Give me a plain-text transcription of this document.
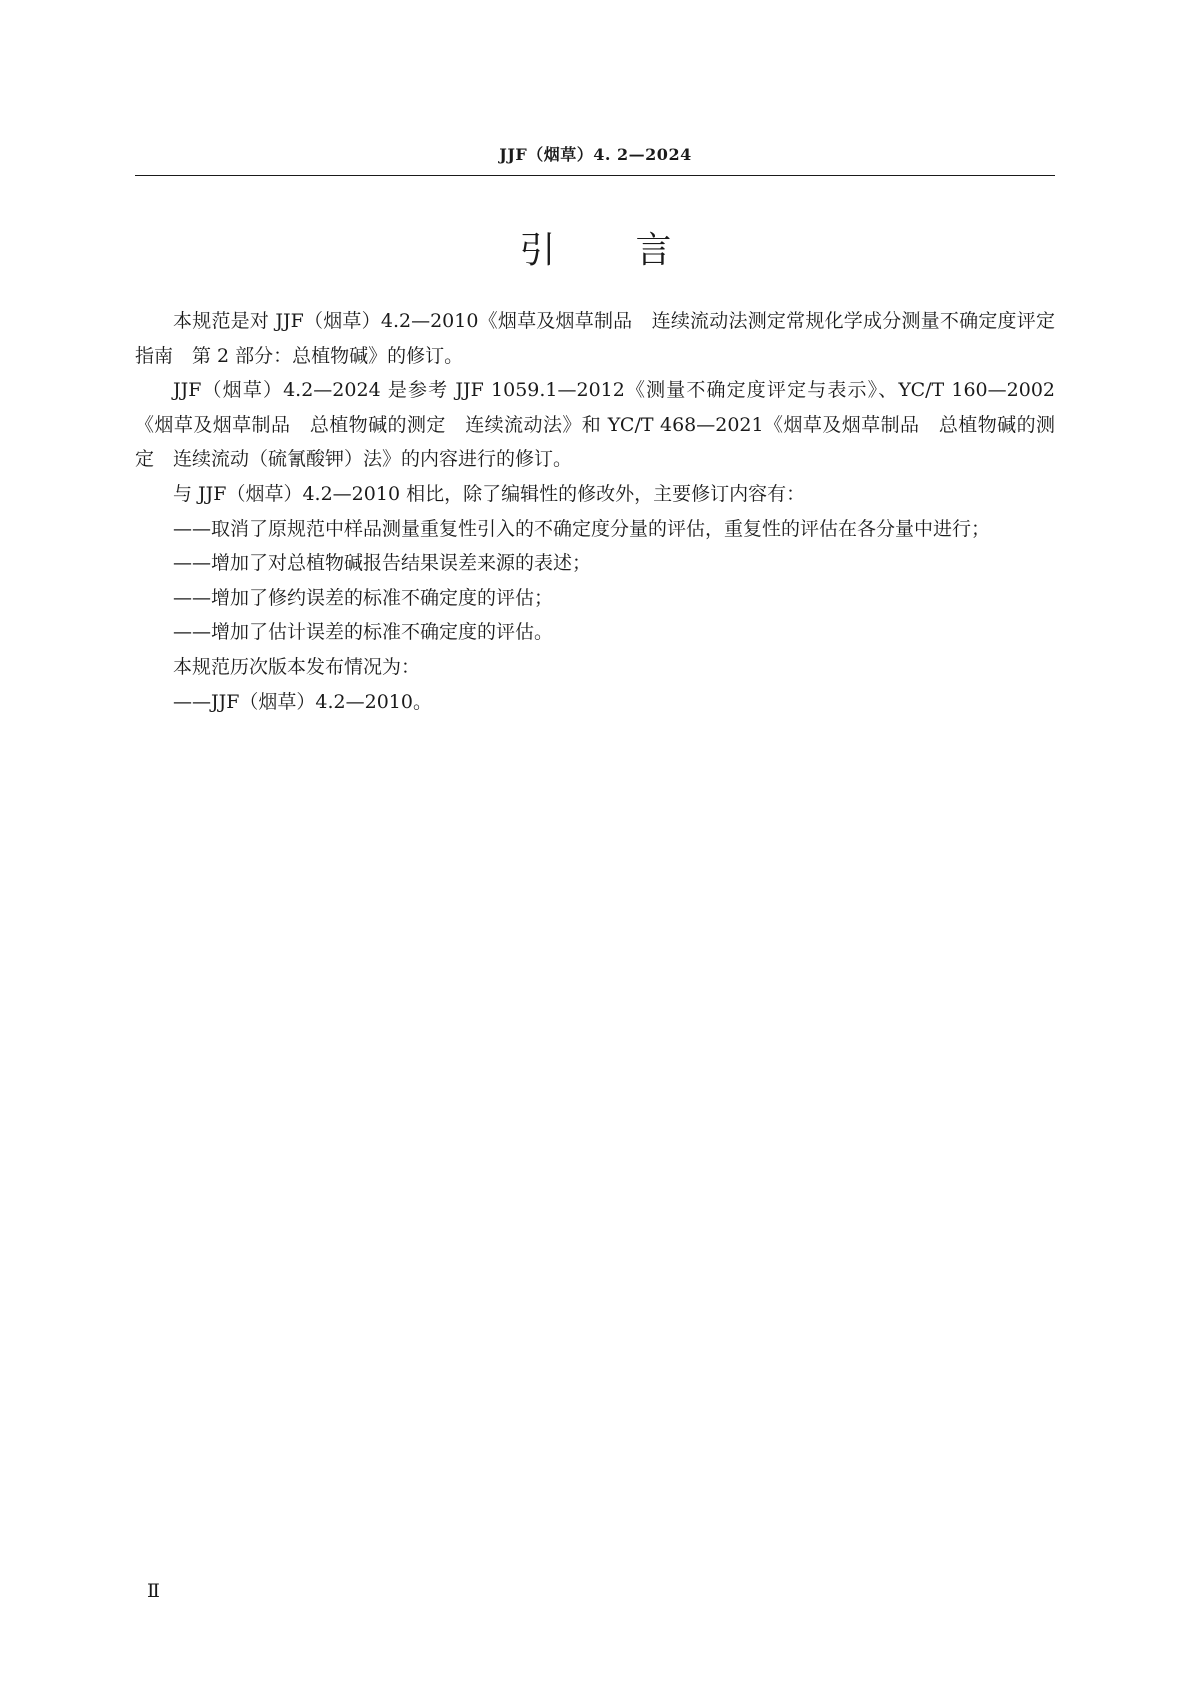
JJF（烟草）4. 2—2024
引 言

本规范是对 JJF（烟草）4.2—2010《烟草及烟草制品　连续流动法测定常规化学成分测量不确定度评定指南　第 2 部分：总植物碱》的修订。

JJF（烟草）4.2—2024 是参考 JJF 1059.1—2012《测量不确定度评定与表示》、YC/T 160—2002《烟草及烟草制品　总植物碱的测定　连续流动法》和 YC/T 468—2021《烟草及烟草制品　总植物碱的测定　连续流动（硫氰酸钾）法》的内容进行的修订。

与 JJF（烟草）4.2—2010 相比，除了编辑性的修改外，主要修订内容有：

——取消了原规范中样品测量重复性引入的不确定度分量的评估，重复性的评估在各分量中进行；

——增加了对总植物碱报告结果误差来源的表述；

——增加了修约误差的标准不确定度的评估；

——增加了估计误差的标准不确定度的评估。

本规范历次版本发布情况为：

——JJF（烟草）4.2—2010。

Ⅱ
